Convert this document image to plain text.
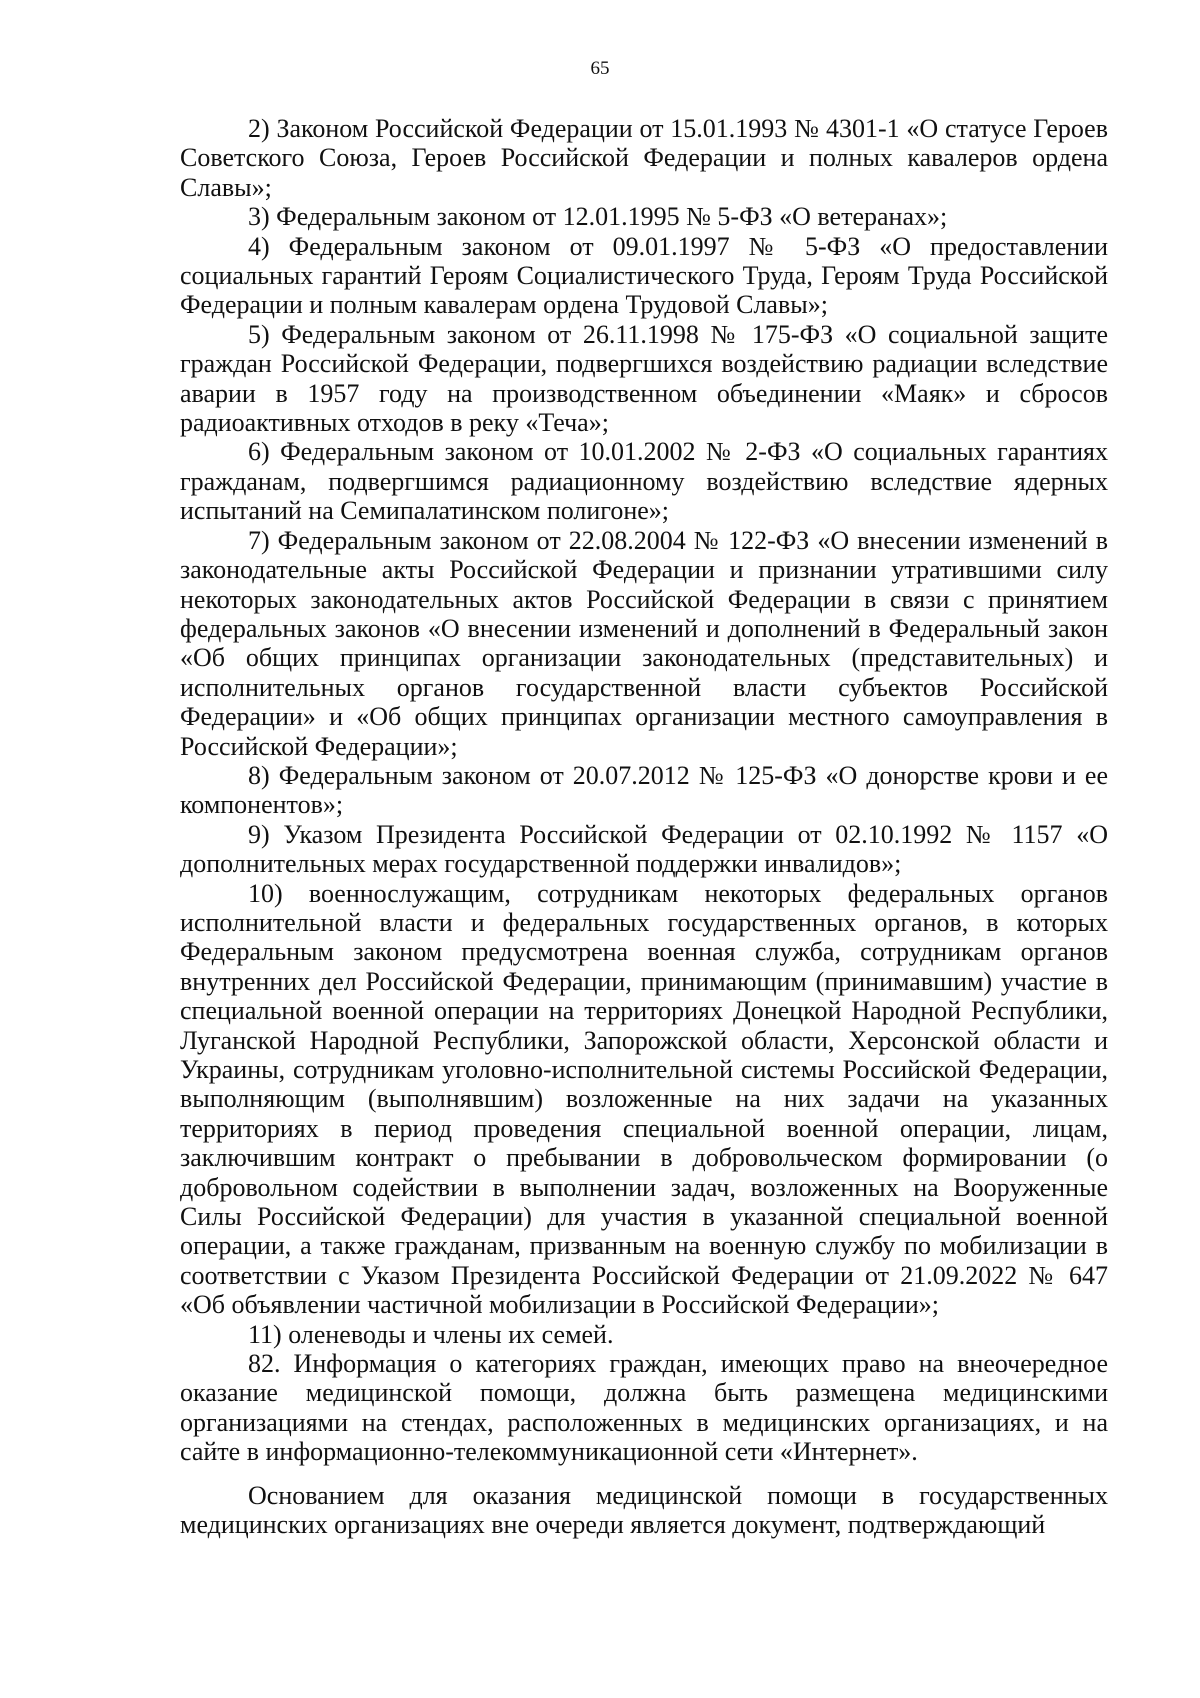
65

2) Законом Российской Федерации от 15.01.1993 № 4301-1 «О статусе Героев Советского Союза, Героев Российской Федерации и полных кавалеров ордена Славы»;

3) Федеральным законом от 12.01.1995 № 5-ФЗ «О ветеранах»;

4) Федеральным законом от 09.01.1997 № 5-ФЗ «О предоставлении социальных гарантий Героям Социалистического Труда, Героям Труда Российской Федерации и полным кавалерам ордена Трудовой Славы»;

5) Федеральным законом от 26.11.1998 № 175-ФЗ «О социальной защите граждан Российской Федерации, подвергшихся воздействию радиации вследствие аварии в 1957 году на производственном объединении «Маяк» и сбросов радиоактивных отходов в реку «Теча»;

6) Федеральным законом от 10.01.2002 № 2-ФЗ «О социальных гарантиях гражданам, подвергшимся радиационному воздействию вследствие ядерных испытаний на Семипалатинском полигоне»;

7) Федеральным законом от 22.08.2004 № 122-ФЗ «О внесении изменений в законодательные акты Российской Федерации и признании утратившими силу некоторых законодательных актов Российской Федерации в связи с принятием федеральных законов «О внесении изменений и дополнений в Федеральный закон «Об общих принципах организации законодательных (представительных) и исполнительных органов государственной власти субъектов Российской Федерации» и «Об общих принципах организации местного самоуправления в Российской Федерации»;

8) Федеральным законом от 20.07.2012 № 125-ФЗ «О донорстве крови и ее компонентов»;

9) Указом Президента Российской Федерации от 02.10.1992 № 1157 «О дополнительных мерах государственной поддержки инвалидов»;

10) военнослужащим, сотрудникам некоторых федеральных органов исполнительной власти и федеральных государственных органов, в которых Федеральным законом предусмотрена военная служба, сотрудникам органов внутренних дел Российской Федерации, принимающим (принимавшим) участие в специальной военной операции на территориях Донецкой Народной Республики, Луганской Народной Республики, Запорожской области, Херсонской области и Украины, сотрудникам уголовно-исполнительной системы Российской Федерации, выполняющим (выполнявшим) возложенные на них задачи на указанных территориях в период проведения специальной военной операции, лицам, заключившим контракт о пребывании в добровольческом формировании (о добровольном содействии в выполнении задач, возложенных на Вооруженные Силы Российской Федерации) для участия в указанной специальной военной операции, а также гражданам, призванным на военную службу по мобилизации в соответствии с Указом Президента Российской Федерации от 21.09.2022 № 647 «Об объявлении частичной мобилизации в Российской Федерации»;

11) оленеводы и члены их семей.

82. Информация о категориях граждан, имеющих право на внеочередное оказание медицинской помощи, должна быть размещена медицинскими организациями на стендах, расположенных в медицинских организациях, и на сайте в информационно-телекоммуникационной сети «Интернет».

Основанием для оказания медицинской помощи в государственных медицинских организациях вне очереди является документ, подтверждающий
